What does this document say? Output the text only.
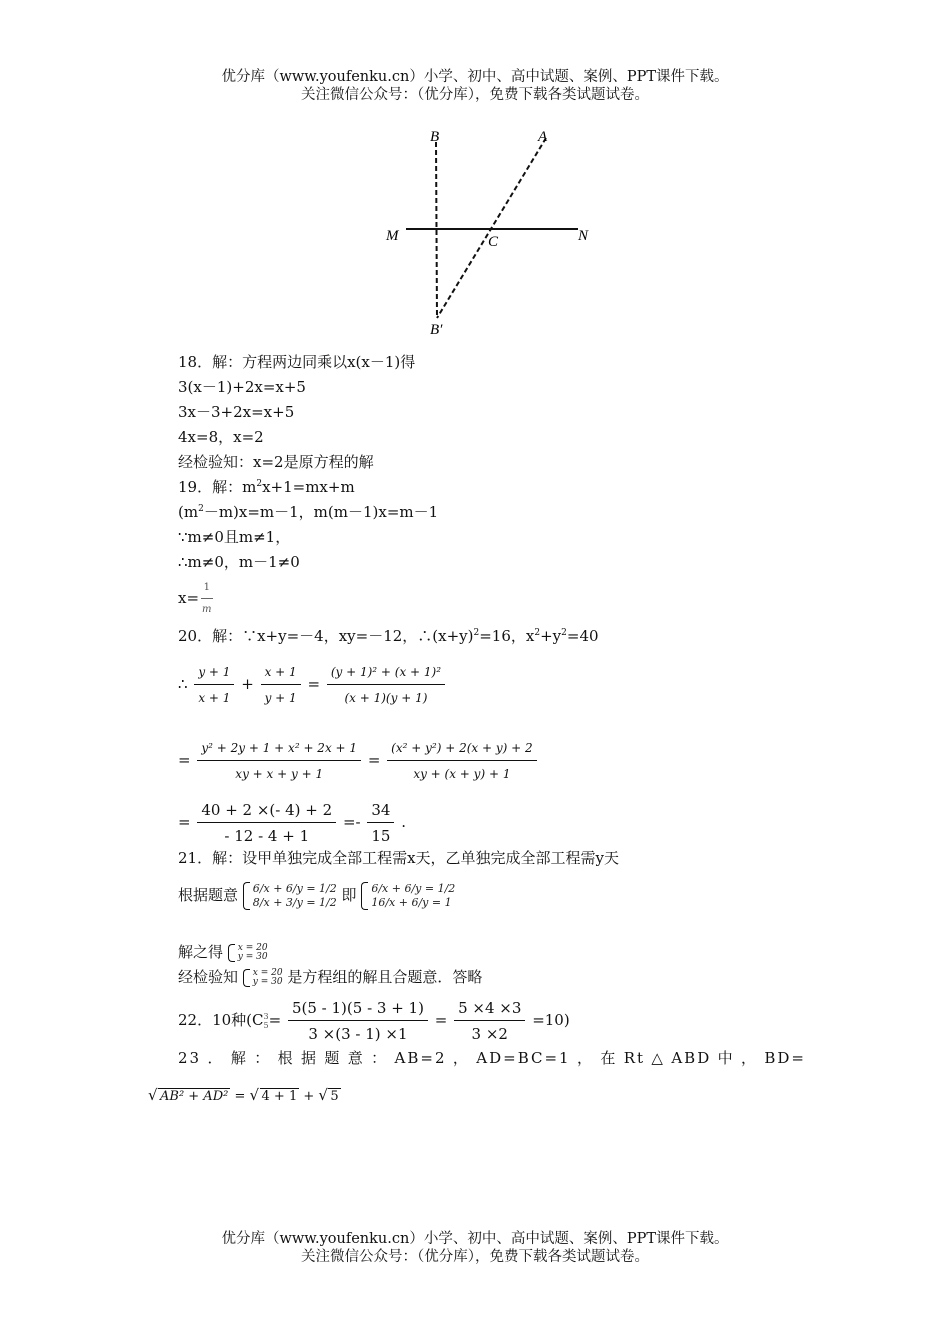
优分库（www.youfenku.cn）小学、初中、高中试题、案例、PPT课件下载。
关注微信公众号：（优分库），免费下载各类试题试卷。
B	A
M	C	N
B′
18．解：方程两边同乘以x(x－1)得
3(x－1)+2x=x+5
3x－3+2x=x+5
4x=8，x=2
经检验知：x=2是原方程的解
19．解：$m^2x+1=mx+m$
$(m^2-m)x=m-1$，m(m－1)x=m－1
∵m≠0且m≠1，
∴m≠0，m－1≠0
$x= \frac{1}{m}$
20．解：∵x+y=－4，xy=－12，$\therefore(x+y)^2=16$，$x^2+y^2=40$
∴ $\frac{y + 1}{x + 1} + \frac{x + 1}{y + 1} = \frac{\text{(y + 1)² + (x + 1)²}}{(x + 1)(y + 1)}$
= $\frac{\text{y² + 2y + 1 + x² + 2x + 1}}{xy + x + y + 1} = \frac{\text{(x² + y²) + 2(x + y) + 2}}{xy + (x + y) + 1}$
= $\frac{40 + 2 \times(- 4) + 2}{- 12 - 4 + 1} =- \frac{34}{15}$ .
21．解：设甲单独完成全部工程需x天，乙单独完成全部工程需y天
根据题意 6/x + 6/y = 1/2
8/x + 3/y = 1/2 即 6/x + 6/y = 1/2
16/x + 6/y = 1
解之得 x = 20
y = 30
经检验知 x = 20
y = 30 是方程组的解且合题意．答略
22．10种(C 3
$5 = \frac{5(5 - 1)(5 - 3 + 1)}{3 \times(3 - 1) \times 1} = \frac{5 \times 4 \times 3}{3 \times 2} =10$)
23．解：根据题意：AB=2，AD=BC=1，在Rt△ABD中，BD=
√ AB² + AD² = √ 4 + 1 + √ 5
优分库（www.youfenku.cn）小学、初中、高中试题、案例、PPT课件下载。
关注微信公众号：（优分库），免费下载各类试题试卷。
